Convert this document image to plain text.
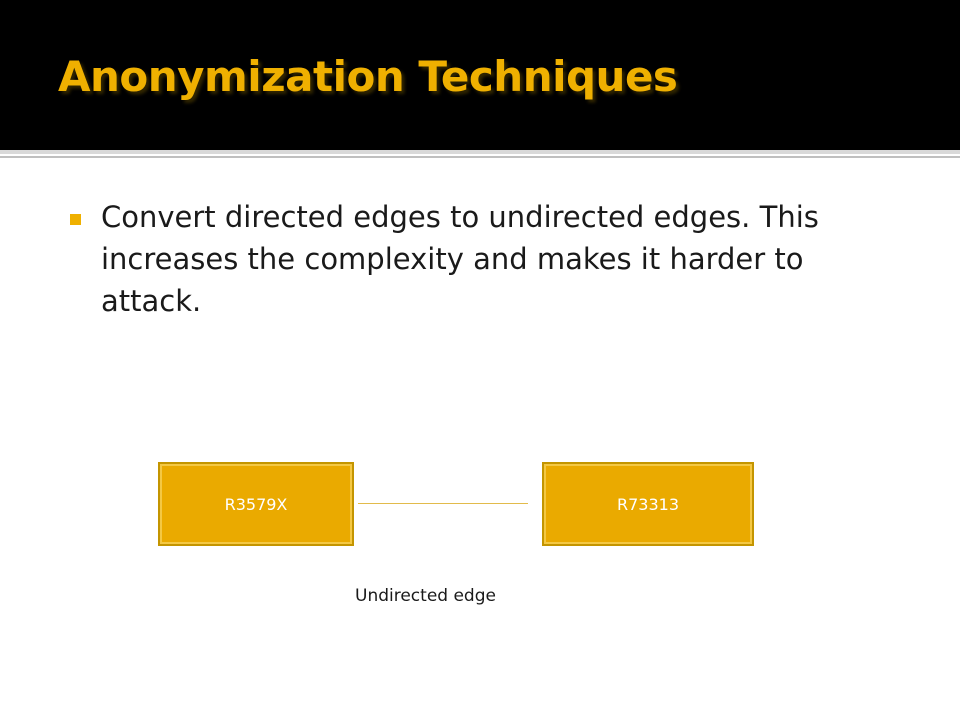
Anonymization Techniques
Convert directed edges to undirected edges. This increases the complexity and makes it harder to attack.
R3579X	R73313
Undirected edge
